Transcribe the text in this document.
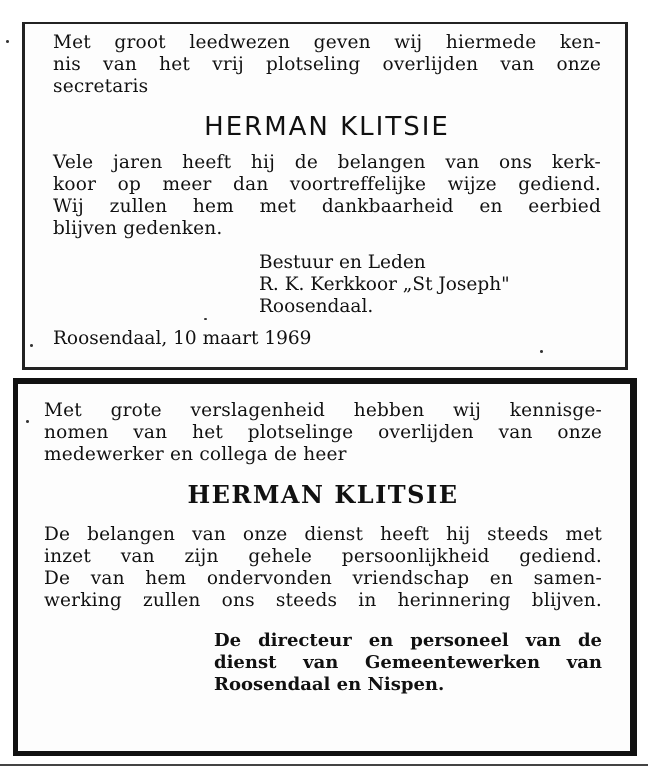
Met groot leedwezen geven wij hiermede ken-
nis van het vrij plotseling overlijden van onze
secretaris

HERMAN KLITSIE

Vele jaren heeft hij de belangen van ons kerk-
koor op meer dan voortreffelijke wijze gediend.
Wij zullen hem met dankbaarheid en eerbied
blijven gedenken.

Bestuur en Leden
R. K. Kerkkoor „St Joseph"
Roosendaal.
Roosendaal, 10 maart 1969

Met grote verslagenheid hebben wij kennisge-
nomen van het plotselinge overlijden van onze
medewerker en collega de heer

HERMAN KLITSIE

De belangen van onze dienst heeft hij steeds met
inzet van zijn gehele persoonlijkheid gediend.
De van hem ondervonden vriendschap en samen-
werking zullen ons steeds in herinnering blijven.

De directeur en personeel van de
dienst van Gemeentewerken van
Roosendaal en Nispen.
